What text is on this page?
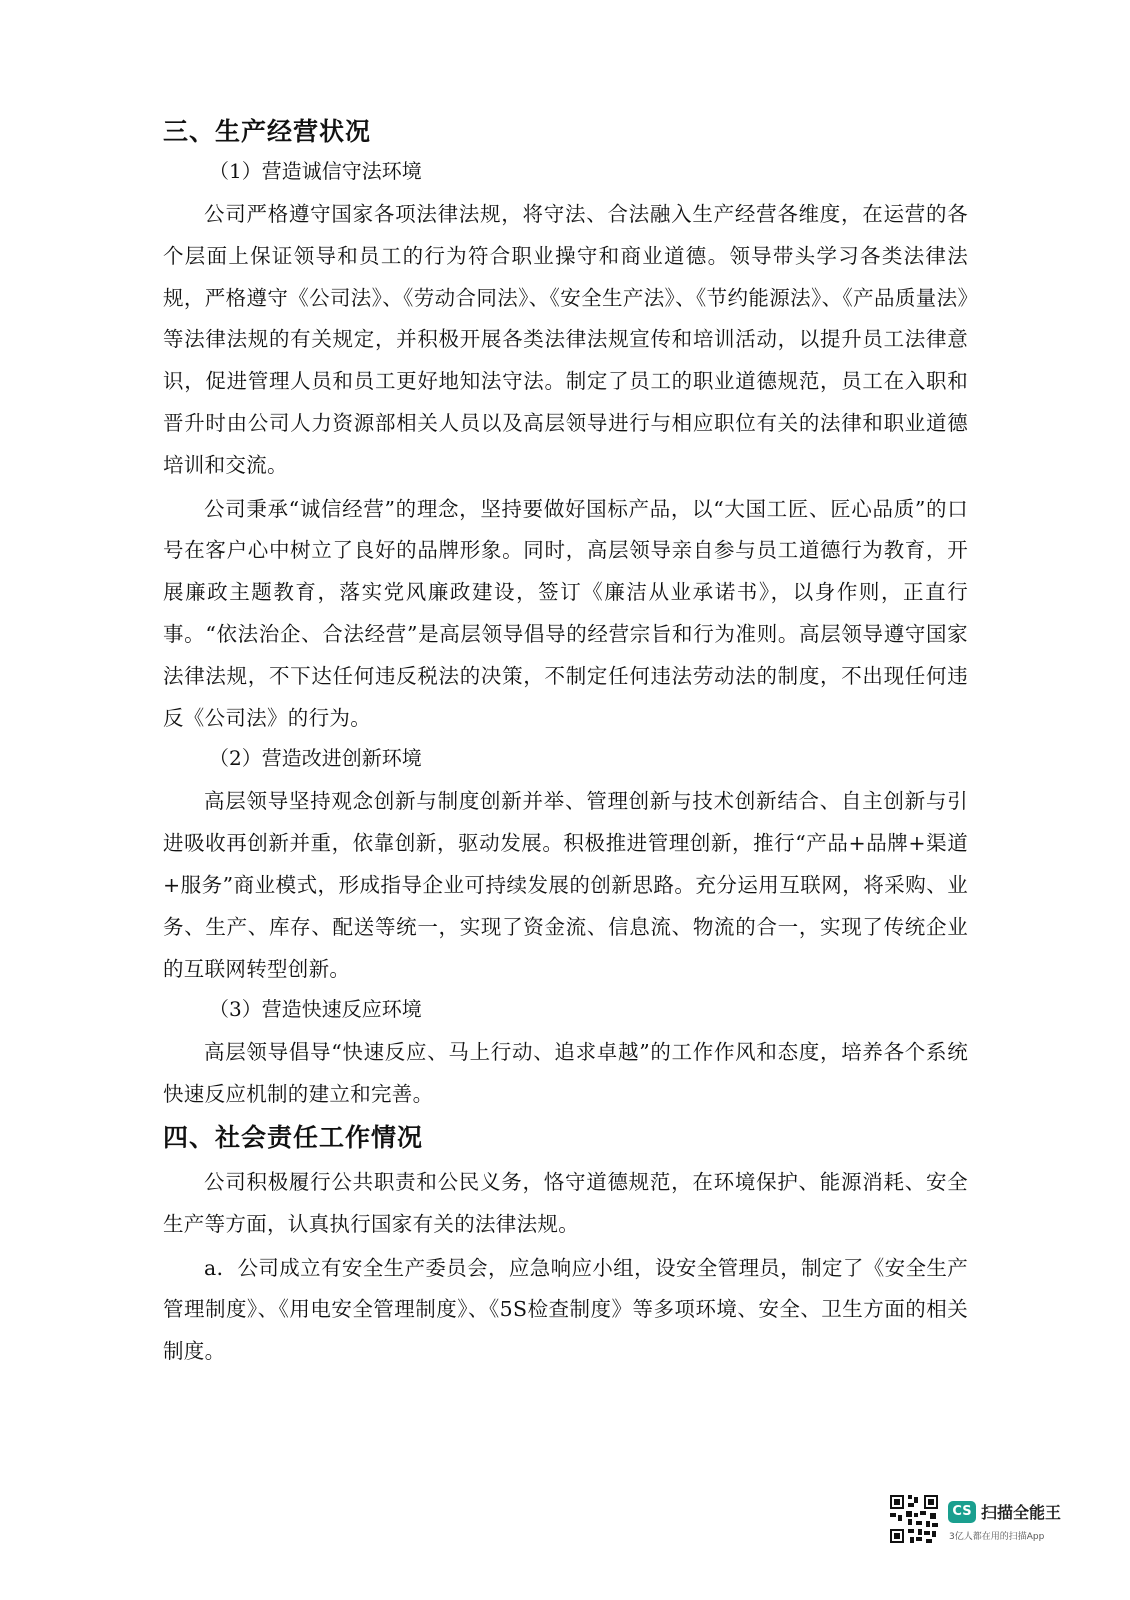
三、生产经营状况

（1）营造诚信守法环境

公司严格遵守国家各项法律法规，将守法、合法融入生产经营各维度，在运营的各个层面上保证领导和员工的行为符合职业操守和商业道德。领导带头学习各类法律法规，严格遵守《公司法》、《劳动合同法》、《安全生产法》、《节约能源法》、《产品质量法》等法律法规的有关规定，并积极开展各类法律法规宣传和培训活动，以提升员工法律意识，促进管理人员和员工更好地知法守法。制定了员工的职业道德规范，员工在入职和晋升时由公司人力资源部相关人员以及高层领导进行与相应职位有关的法律和职业道德培训和交流。

公司秉承“诚信经营”的理念，坚持要做好国标产品，以“大国工匠、匠心品质”的口号在客户心中树立了良好的品牌形象。同时，高层领导亲自参与员工道德行为教育，开展廉政主题教育，落实党风廉政建设，签订《廉洁从业承诺书》，以身作则，正直行事。“依法治企、合法经营”是高层领导倡导的经营宗旨和行为准则。高层领导遵守国家法律法规，不下达任何违反税法的决策，不制定任何违法劳动法的制度，不出现任何违反《公司法》的行为。

（2）营造改进创新环境

高层领导坚持观念创新与制度创新并举、管理创新与技术创新结合、自主创新与引进吸收再创新并重，依靠创新，驱动发展。积极推进管理创新，推行“产品+品牌+渠道+服务”商业模式，形成指导企业可持续发展的创新思路。充分运用互联网，将采购、业务、生产、库存、配送等统一，实现了资金流、信息流、物流的合一，实现了传统企业的互联网转型创新。

（3）营造快速反应环境

高层领导倡导“快速反应、马上行动、追求卓越”的工作作风和态度，培养各个系统快速反应机制的建立和完善。

四、社会责任工作情况

公司积极履行公共职责和公民义务，恪守道德规范，在环境保护、能源消耗、安全生产等方面，认真执行国家有关的法律法规。

a．公司成立有安全生产委员会，应急响应小组，设安全管理员，制定了《安全生产管理制度》、《用电安全管理制度》、《5S检查制度》等多项环境、安全、卫生方面的相关制度。

CS 扫描全能王
3亿人都在用的扫描App
